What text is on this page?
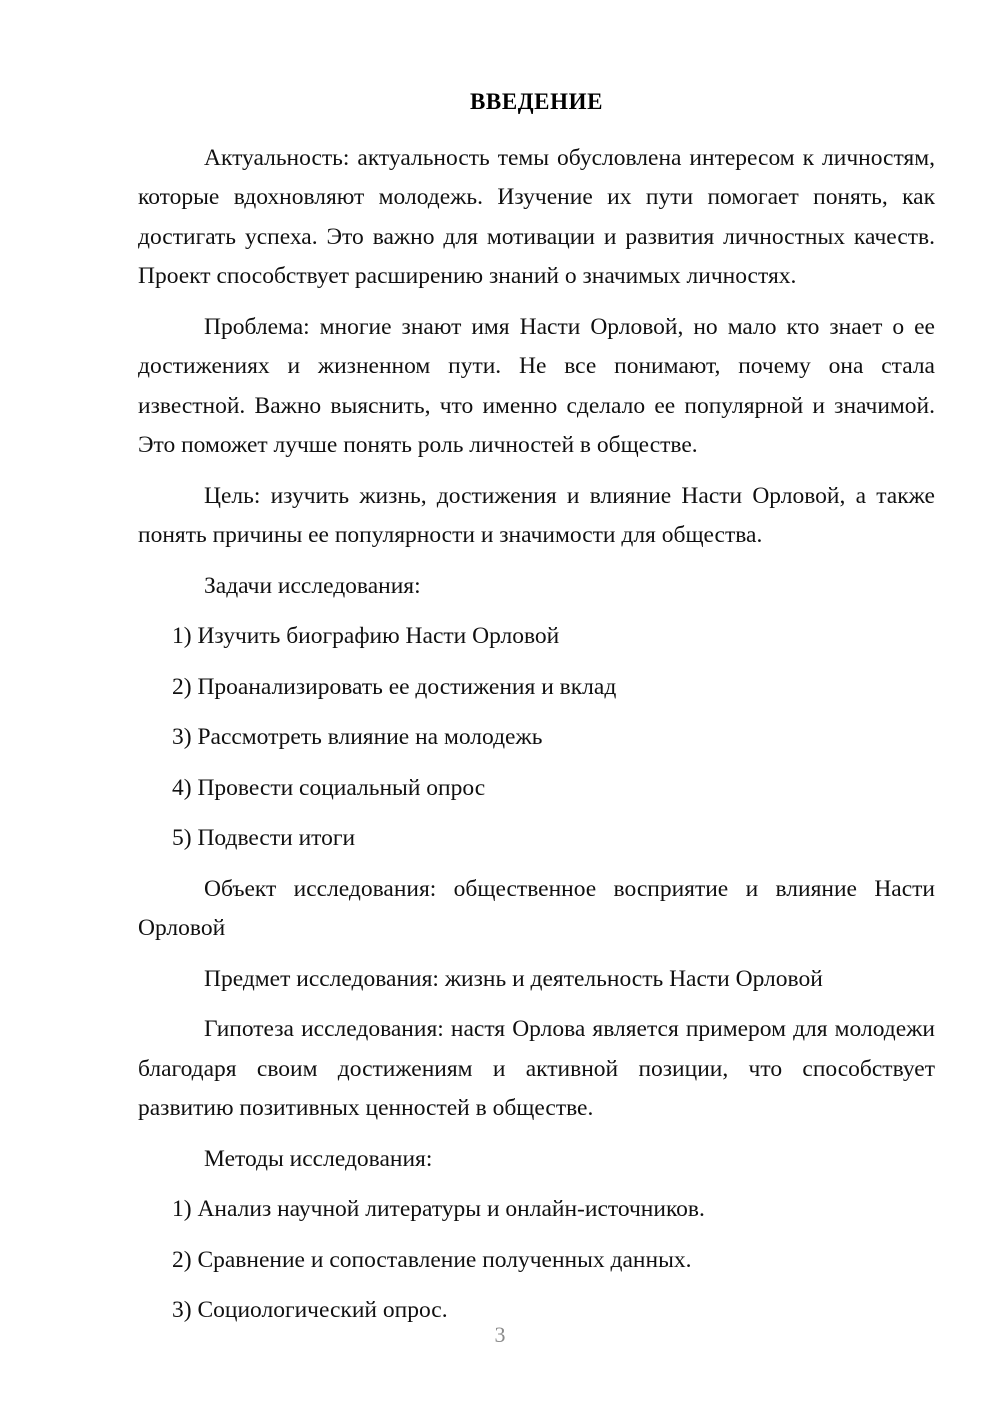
ВВЕДЕНИЕ

Актуальность: актуальность темы обусловлена интересом к личностям, которые вдохновляют молодежь. Изучение их пути помогает понять, как достигать успеха. Это важно для мотивации и развития личностных качеств. Проект способствует расширению знаний о значимых личностях.

Проблема: многие знают имя Насти Орловой, но мало кто знает о ее достижениях и жизненном пути. Не все понимают, почему она стала известной. Важно выяснить, что именно сделало ее популярной и значимой. Это поможет лучше понять роль личностей в обществе.

Цель: изучить жизнь, достижения и влияние Насти Орловой, а также понять причины ее популярности и значимости для общества.

Задачи исследования:

1) Изучить биографию Насти Орловой
2) Проанализировать ее достижения и вклад
3) Рассмотреть влияние на молодежь
4) Провести социальный опрос
5) Подвести итоги

Объект исследования: общественное восприятие и влияние Насти Орловой

Предмет исследования: жизнь и деятельность Насти Орловой

Гипотеза исследования: настя Орлова является примером для молодежи благодаря своим достижениям и активной позиции, что способствует развитию позитивных ценностей в обществе.

Методы исследования:

1) Анализ научной литературы и онлайн-источников.
2) Сравнение и сопоставление полученных данных.
3) Социологический опрос.
3
